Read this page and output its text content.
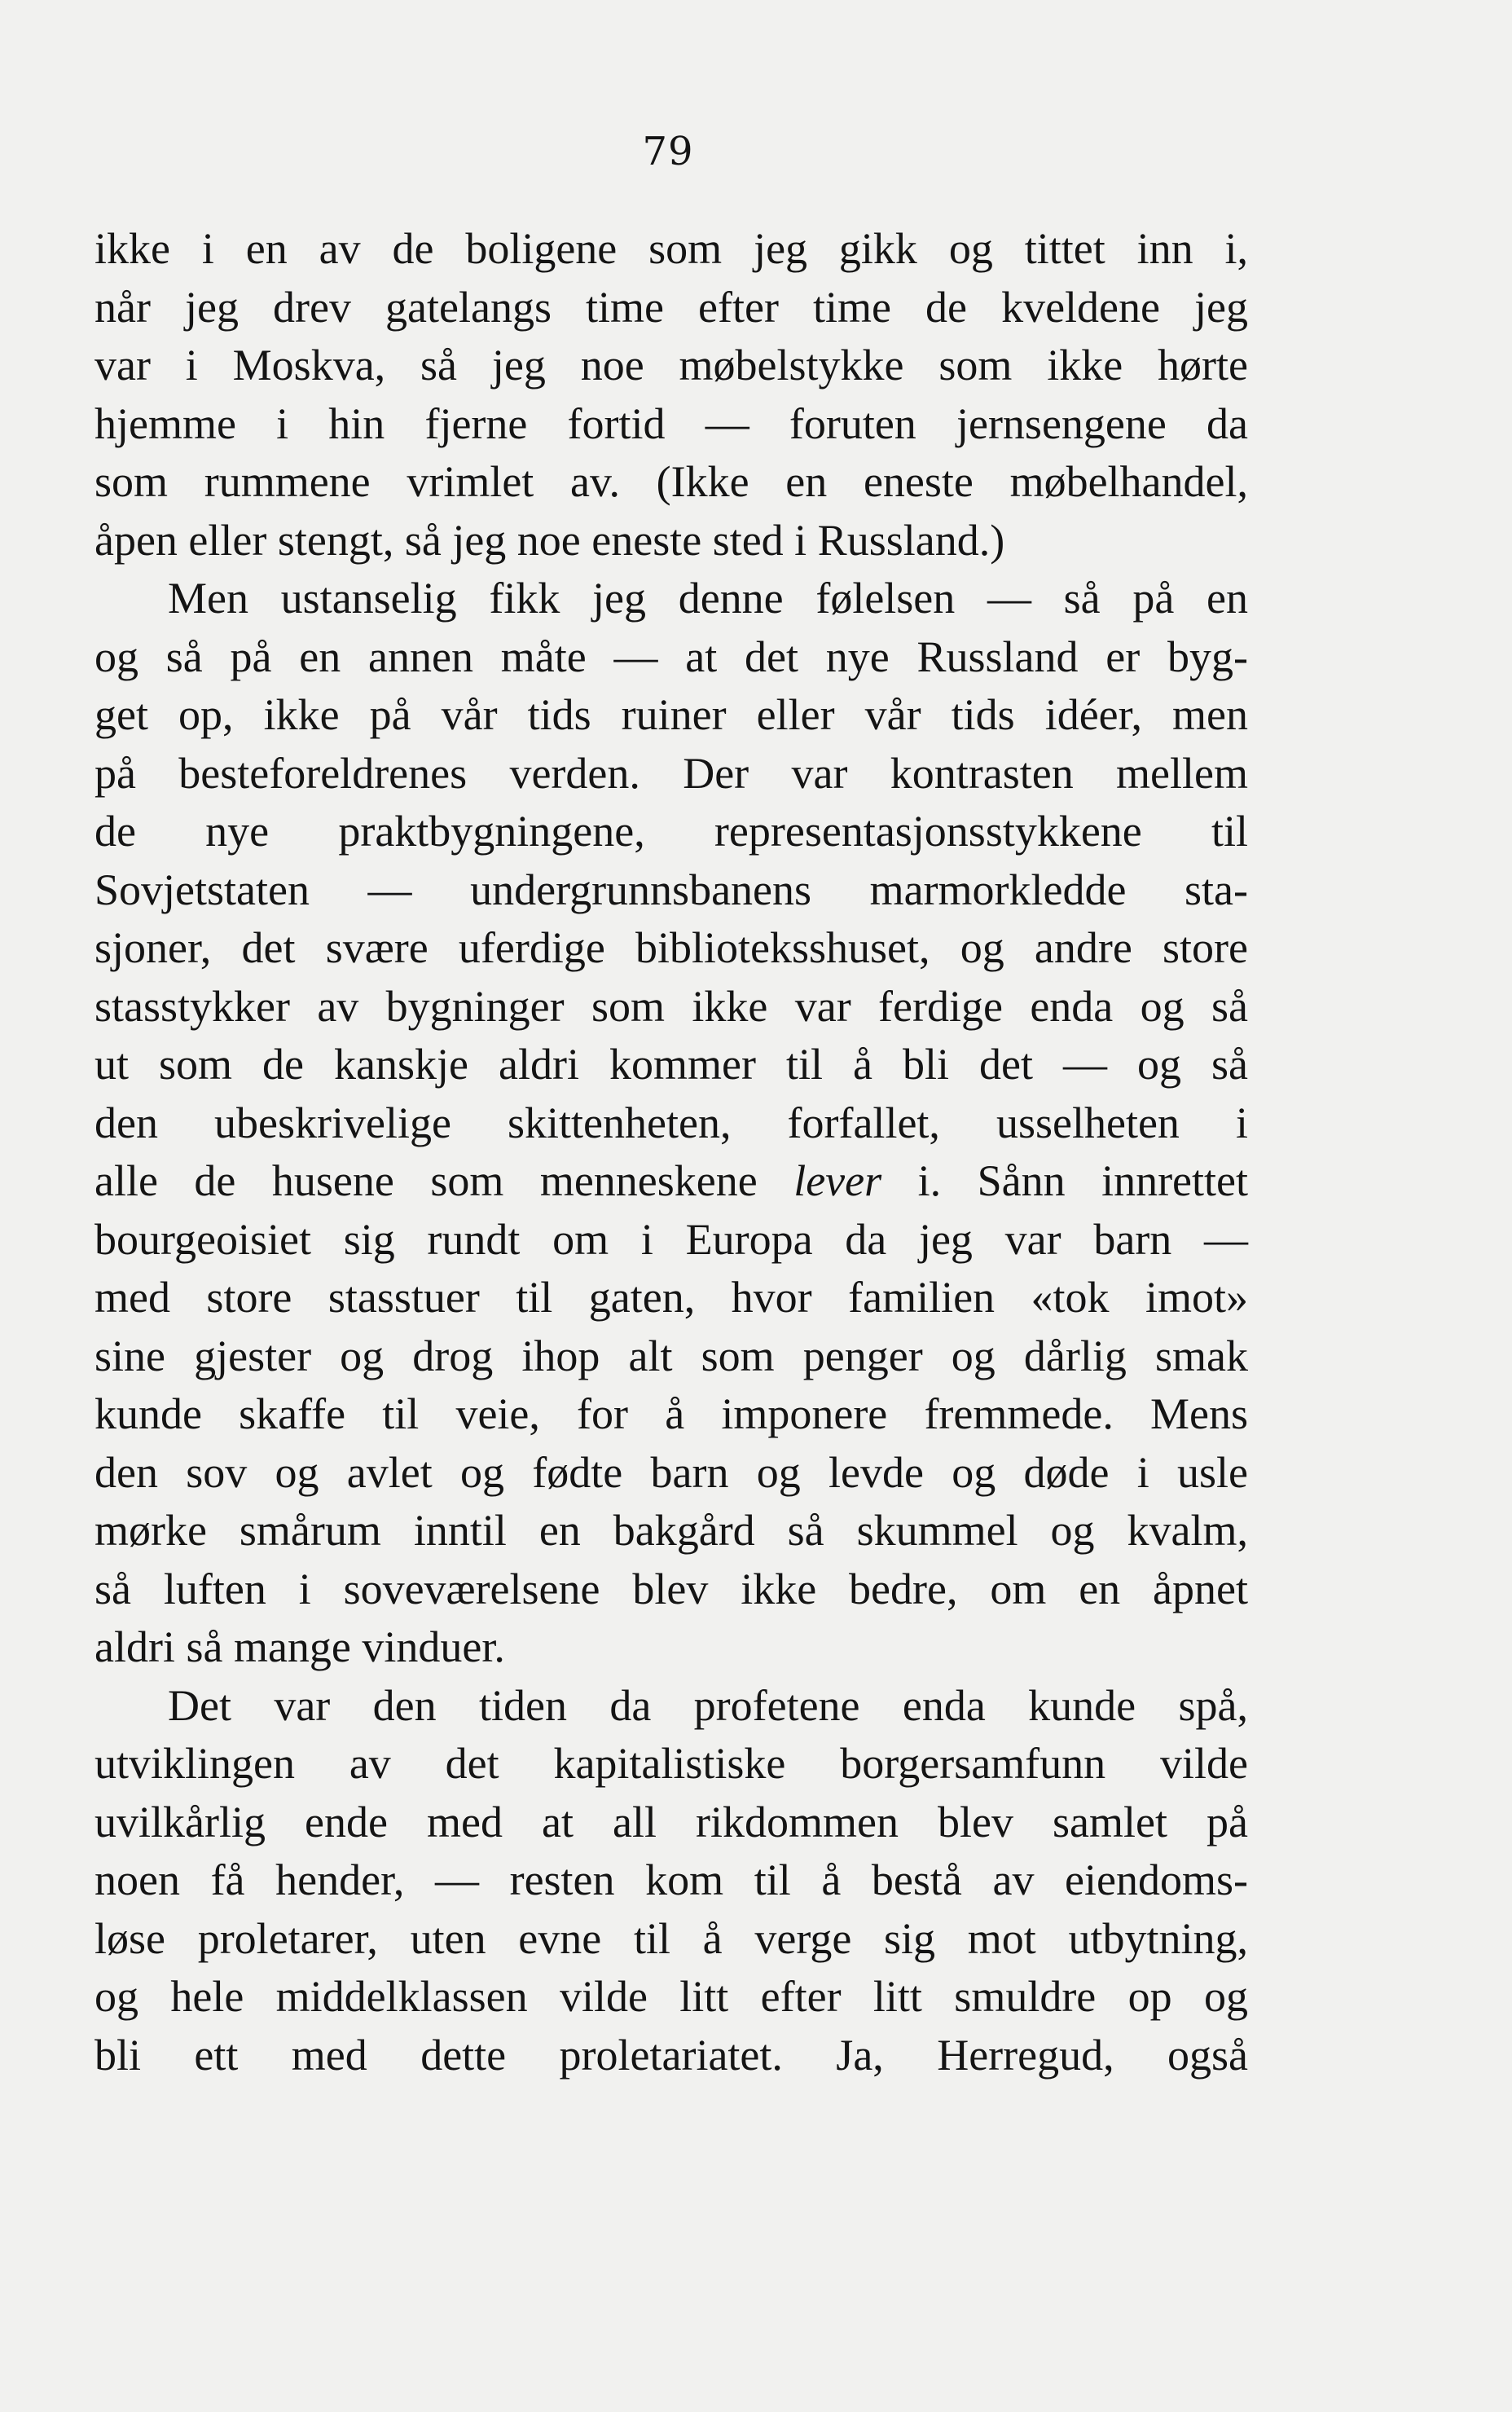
79
ikke i en av de boligene som jeg gikk og tittet inn i,
når jeg drev gatelangs time efter time de kveldene jeg
var i Moskva, så jeg noe møbelstykke som ikke hørte
hjemme i hin fjerne fortid — foruten jernsengene da
som rummene vrimlet av. (Ikke en eneste møbelhandel,
åpen eller stengt, så jeg noe eneste sted i Russland.)
Men ustanselig fikk jeg denne følelsen — så på en
og så på en annen måte — at det nye Russland er byg-
get op, ikke på vår tids ruiner eller vår tids idéer, men
på besteforeldrenes verden. Der var kontrasten mellem
de nye praktbygningene, representasjonsstykkene til
Sovjetstaten — undergrunnsbanens marmorkledde sta-
sjoner, det svære uferdige biblioteksshuset, og andre store
stasstykker av bygninger som ikke var ferdige enda og så
ut som de kanskje aldri kommer til å bli det — og så
den ubeskrivelige skittenheten, forfallet, usselheten i
alle de husene som menneskene lever i. Sånn innrettet
bourgeoisiet sig rundt om i Europa da jeg var barn —
med store stasstuer til gaten, hvor familien «tok imot»
sine gjester og drog ihop alt som penger og dårlig smak
kunde skaffe til veie, for å imponere fremmede. Mens
den sov og avlet og fødte barn og levde og døde i usle
mørke smårum inntil en bakgård så skummel og kvalm,
så luften i soveværelsene blev ikke bedre, om en åpnet
aldri så mange vinduer.
Det var den tiden da profetene enda kunde spå,
utviklingen av det kapitalistiske borgersamfunn vilde
uvilkårlig ende med at all rikdommen blev samlet på
noen få hender, — resten kom til å bestå av eiendoms-
løse proletarer, uten evne til å verge sig mot utbytning,
og hele middelklassen vilde litt efter litt smuldre op og
bli ett med dette proletariatet. Ja, Herregud, også
